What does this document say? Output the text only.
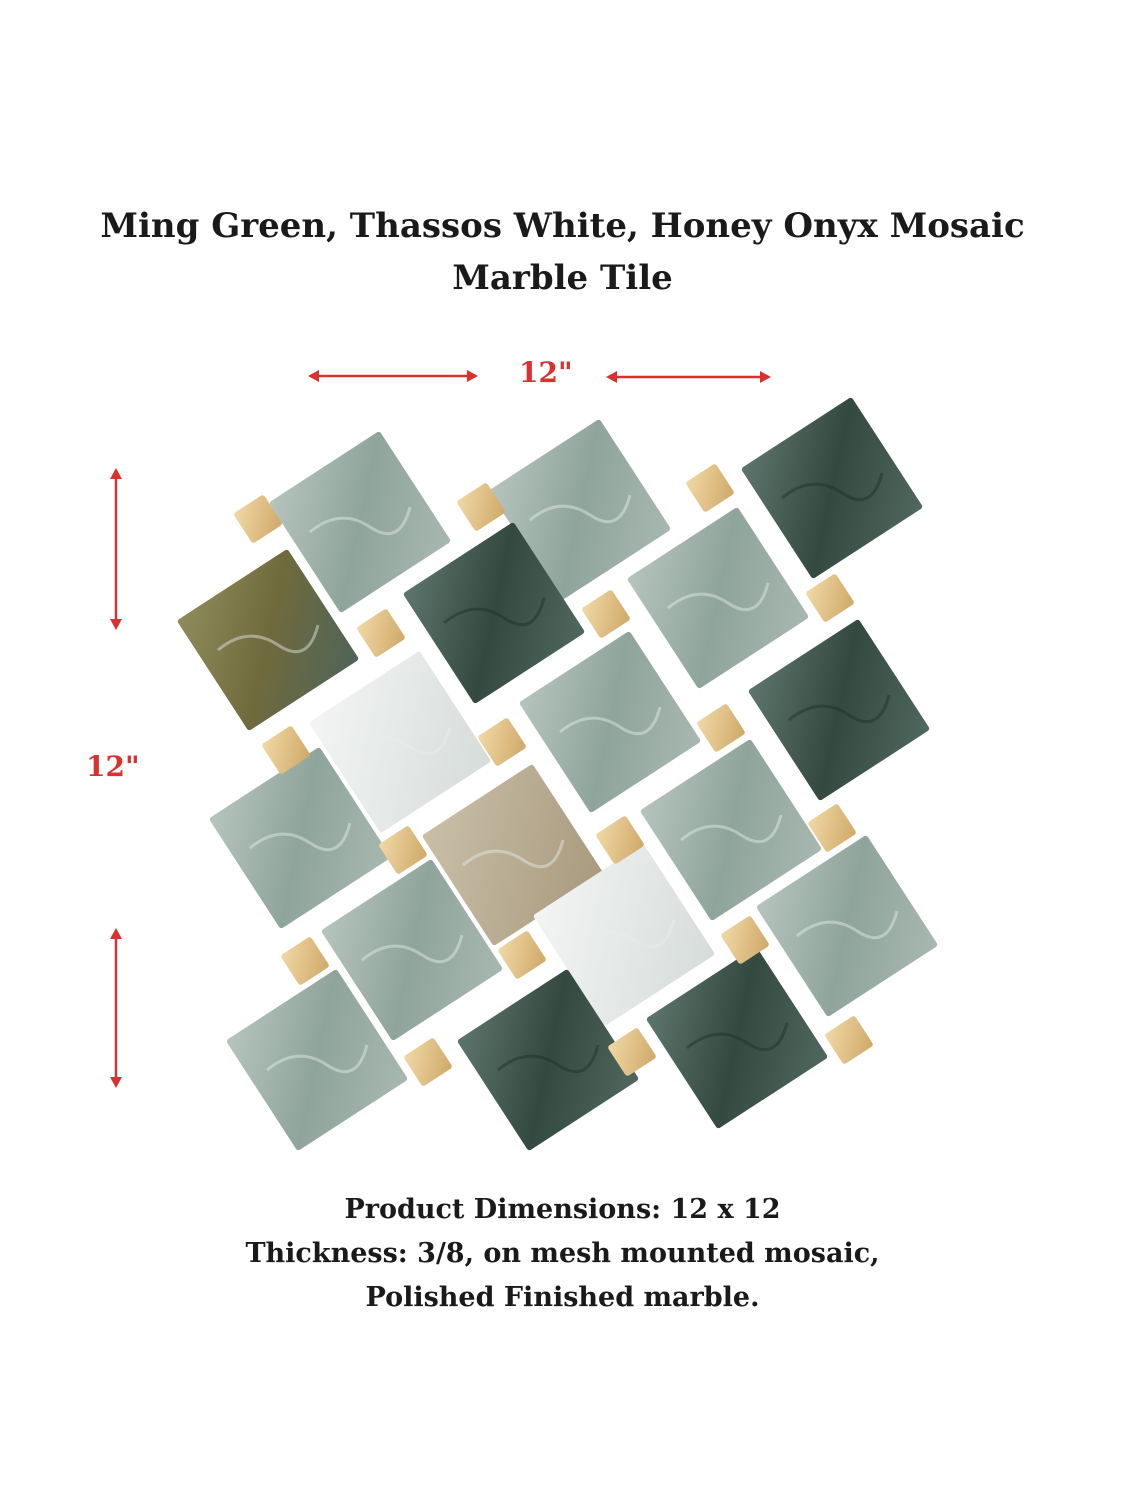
Ming Green, Thassos White, Honey Onyx Mosaic
Marble Tile
12"
12"
Product Dimensions: 12 x 12
Thickness: 3/8, on mesh mounted mosaic,
Polished Finished marble.
